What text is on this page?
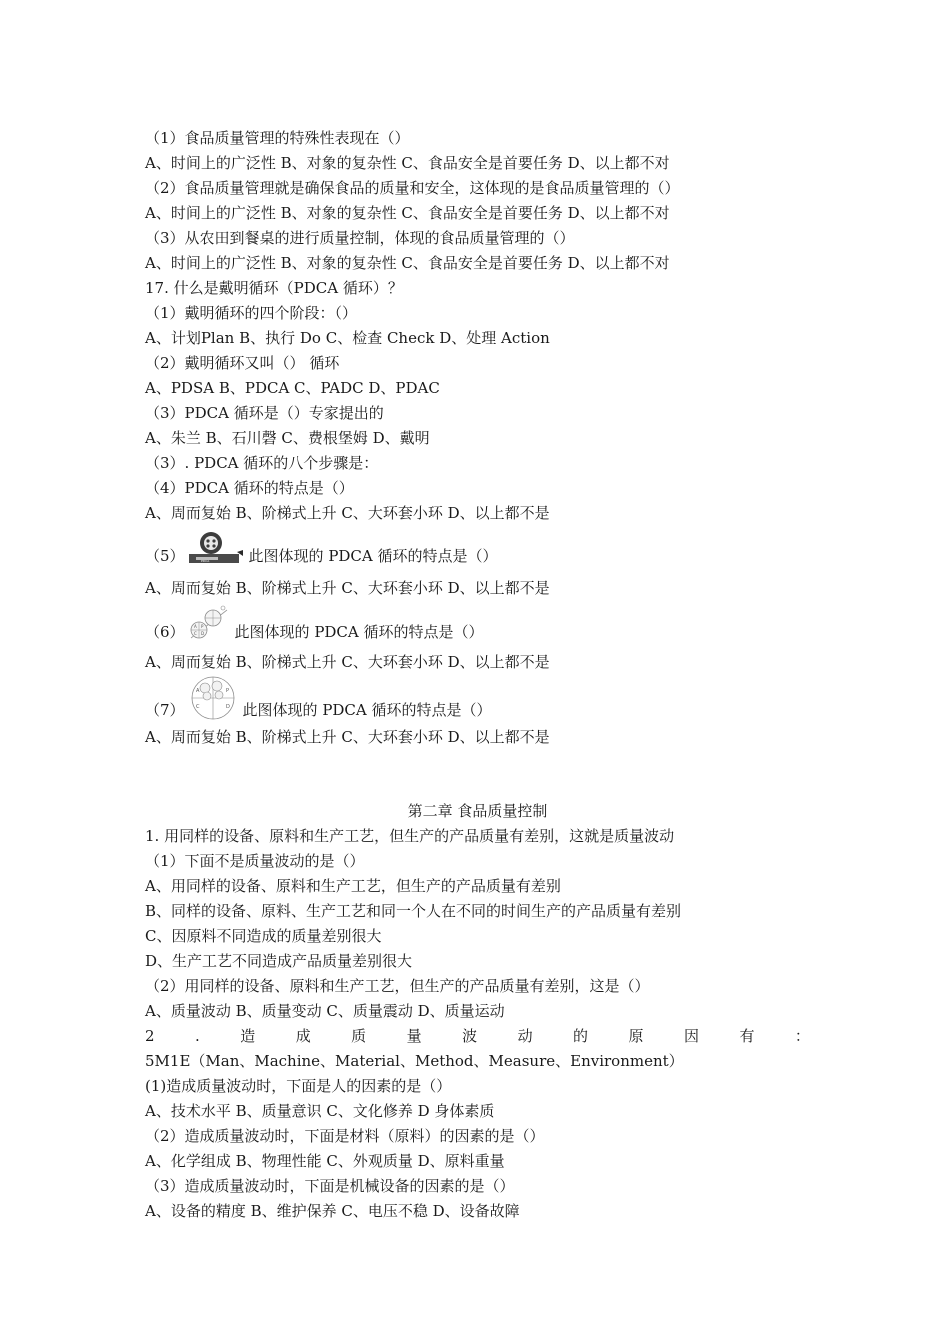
（1）食品质量管理的特殊性表现在（）
A、时间上的广泛性 B、对象的复杂性 C、食品安全是首要任务 D、以上都不对
（2）食品质量管理就是确保食品的质量和安全，这体现的是食品质量管理的（）
A、时间上的广泛性 B、对象的复杂性 C、食品安全是首要任务 D、以上都不对
（3）从农田到餐桌的进行质量控制，体现的食品质量管理的（）
A、时间上的广泛性 B、对象的复杂性 C、食品安全是首要任务 D、以上都不对
17. 什么是戴明循环（PDCA 循环）？
（1）戴明循环的四个阶段：（）
A、计划Plan B、执行 Do C、检查 Check D、处理 Action
（2）戴明循环又叫（） 循环
A、PDSA B、PDCA C、PADC D、PDAC
（3）PDCA 循环是（）专家提出的
A、朱兰 B、石川磬 C、费根堡姆 D、戴明
（3）. PDCA 循环的八个步骤是：
（4）PDCA 循环的特点是（）
A、周而复始 B、阶梯式上升 C、大环套小环 D、以上都不是
（5）	PDCA	此图体现的 PDCA 循环的特点是（）
A、周而复始 B、阶梯式上升 C、大环套小环 D、以上都不是
（6） A P
C D 此图体现的 PDCA 循环的特点是（）
A、周而复始 B、阶梯式上升 C、大环套小环 D、以上都不是
（7）
A	P
C	D 此图体现的 PDCA 循环的特点是（）
A、周而复始 B、阶梯式上升 C、大环套小环 D、以上都不是
第二章 食品质量控制
1. 用同样的设备、原料和生产工艺，但生产的产品质量有差别，这就是质量波动
（1）下面不是质量波动的是（）
A、用同样的设备、原料和生产工艺，但生产的产品质量有差别
B、同样的设备、原料、生产工艺和同一个人在不同的时间生产的产品质量有差别
C、因原料不同造成的质量差别很大
D、生产工艺不同造成产品质量差别很大
（2）用同样的设备、原料和生产工艺，但生产的产品质量有差别，这是（）
A、质量波动 B、质量变动 C、质量震动 D、质量运动
2	.	造	成	质	量	波	动	的	原	因	有	：
5M1E（Man、Machine、Material、Method、Measure、Environment）
(1)造成质量波动时，下面是人的因素的是（）
A、技术水平 B、质量意识 C、文化修养 D 身体素质
（2）造成质量波动时，下面是材料（原料）的因素的是（）
A、化学组成 B、物理性能 C、外观质量 D、原料重量
（3）造成质量波动时，下面是机械设备的因素的是（）
A、设备的精度 B、维护保养 C、电压不稳 D、设备故障
